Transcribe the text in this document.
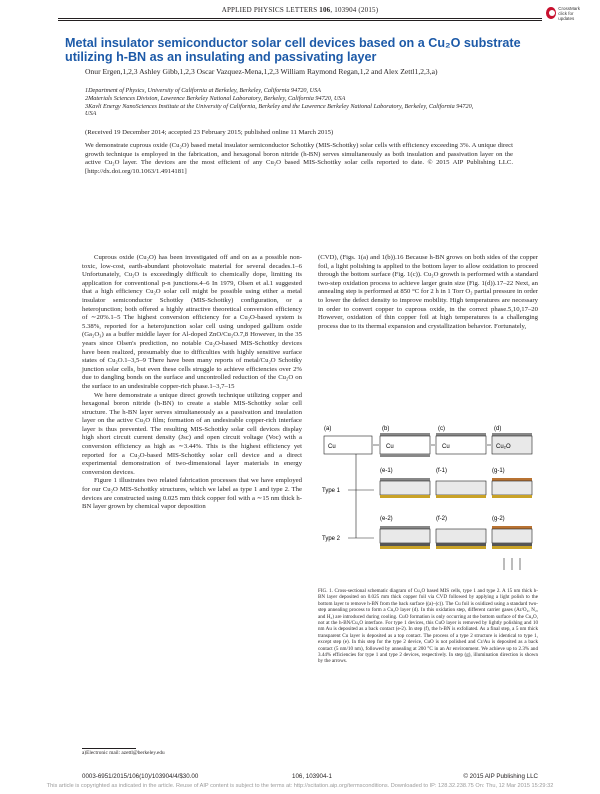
APPLIED PHYSICS LETTERS 106, 103904 (2015)	CrossMark
click for updates
Metal insulator semiconductor solar cell devices based on a Cu₂O substrate utilizing h-BN as an insulating and passivating layer
Onur Ergen,1,2,3 Ashley Gibb,1,2,3 Oscar Vazquez-Mena,1,2,3 William Raymond Regan,1,2 and Alex Zettl1,2,3,a)
1Department of Physics, University of California at Berkeley, Berkeley, California 94720, USA
2Materials Sciences Division, Lawrence Berkeley National Laboratory, Berkeley, California 94720, USA
3Kavli Energy NanoSciences Institute at the University of California, Berkeley and the Lawrence Berkeley National Laboratory, Berkeley, California 94720, USA
(Received 19 December 2014; accepted 23 February 2015; published online 11 March 2015)
We demonstrate cuprous oxide (Cu₂O) based metal insulator semiconductor Schottky (MIS-Schottky) solar cells with efficiency exceeding 3%. A unique direct growth technique is employed in the fabrication, and hexagonal boron nitride (h-BN) serves simultaneously as both insulation and passivation layer on the active Cu₂O layer. The devices are the most efficient of any Cu₂O based MIS-Schottky solar cells reported to date. © 2015 AIP Publishing LLC. [http://dx.doi.org/10.1063/1.4914181]

Cuprous oxide (Cu₂O) has been investigated off and on as a possible non-toxic, low-cost, earth-abundant photovoltaic material for several decades.1–6 Unfortunately, Cu₂O is exceedingly difficult to chemically dope, limiting its application for conventional p-n junctions.4–6 In 1979, Olsen et al.1 suggested that a high efficiency Cu₂O solar cell might be possible using either a metal insulator semiconductor Schottky (MIS-Schottky) configuration, or a heterojunction; both offered a highly attractive theoretical conversion efficiency of ∼20%.1–5 The highest conversion efficiency for a Cu₂O-based system is 5.38%, reported for a heterojunction solar cell using undoped gallium oxide (Ga₂O₃) as a buffer middle layer for Al-doped ZnO/Cu₂O.7,8 However, in the 35 years since Olsen's prediction, no notable Cu₂O-based MIS-Schottky devices have been realized, presumably due to difficulties with highly sensitive surface states of Cu₂O.1–3,5–9 There have been many reports of metal/Cu₂O Schottky junction solar cells, but even these cells struggle to achieve efficiencies over 2% due to dangling bonds on the surface and uncontrolled reduction of the Cu₂O on the surface to an undesirable copper-rich phase.1–3,7–15

We here demonstrate a unique direct growth technique utilizing copper and hexagonal boron nitride (h-BN) to create a stable MIS-Schottky solar cell structure. The h-BN layer serves simultaneously as a passivation and insulation layer on the active Cu₂O film; formation of an undesirable copper-rich interface layer is thus prevented. The resulting MIS-Schottky solar cell devices display high short circuit current density (Jsc) and open circuit voltage (Voc) with a conversion efficiency as high as ∼3.44%. This is the highest efficiency yet reported for a Cu₂O-based MIS-Schottky solar cell device and a direct experimental demonstration of two-dimensional layer materials in energy conversion devices.

Figure 1 illustrates two related fabrication processes that we have employed for our Cu₂O MIS-Schottky structures, which we label as type 1 and type 2. The devices are constructed using 0.025 mm thick copper foil with a ∼15 nm thick h-BN layer grown by chemical vapor deposition

(CVD), (Figs. 1(a) and 1(b)).16 Because h-BN grows on both sides of the copper foil, a light polishing is applied to the bottom layer to allow oxidation to proceed through the bottom surface (Fig. 1(c)). Cu₂O growth is performed with a standard two-step oxidation process to achieve larger grain size (Fig. 1(d)).17–22 Next, an annealing step is performed at 850 °C for 2 h in 1 Torr O₂ partial pressure in order to lower the defect density to improve mobility. High temperatures are necessary in order to convert copper to cuprous oxide, in the correct phase.5,10,17–20 However, oxidation of thin copper foil at high temperatures is a challenging process due to its thermal expansion and crystallization behavior. Fortunately,

(a)	(b)	(c)	(d)
Cu	Cu	Cu	Cu₂O
Type 1
(e-1)	(f-1)	(g-1)
Type 2
(e-2)	(f-2)	(g-2)
FIG. 1. Cross-sectional schematic diagram of Cu₂O based MIS cells, type 1 and type 2. A 15 nm thick h-BN layer deposited on 0.025 mm thick copper foil via CVD followed by applying a light polish to the bottom layer to remove h-BN from the back surface ((a)–(c)). The Cu foil is oxidized using a standard two-step annealing process to form a Cu₂O layer (d). In this oxidation step, different carrier gases (Ar/O₂, N₂, and H₂) are introduced during cooling. CuO formation is only occurring at the bottom surface of the Cu₂O, not at the h-BN/Cu₂O interface. For type 1 devices, this CuO layer is removed by lightly polishing and 10 nm Au is deposited as a back contact (e-2). In step (f), the h-BN is exfoliated. As a final step, a 5 nm thick transparent Cu layer is deposited as a top contact. The process of a type 2 structure is identical to type 1, except step (e). In this step for the type 2 device, CuO is not polished and Cr/Au is deposited as a back contact (5 nm/10 nm), followed by annealing at 200 °C in an Ar environment. We achieve up to 2.3% and 3.44% efficiencies for type 1 and type 2 devices, respectively. In step (g), illumination direction is shown by the arrows.
a)Electronic mail: azettl@berkeley.edu
0003-6951/2015/106(10)/103904/4/$30.00	106, 103904-1	© 2015 AIP Publishing LLC
This article is copyrighted as indicated in the article. Reuse of AIP content is subject to the terms at: http://scitation.aip.org/termsconditions. Downloaded to IP: 128.32.238.75 On: Thu, 12 Mar 2015 15:29:32
